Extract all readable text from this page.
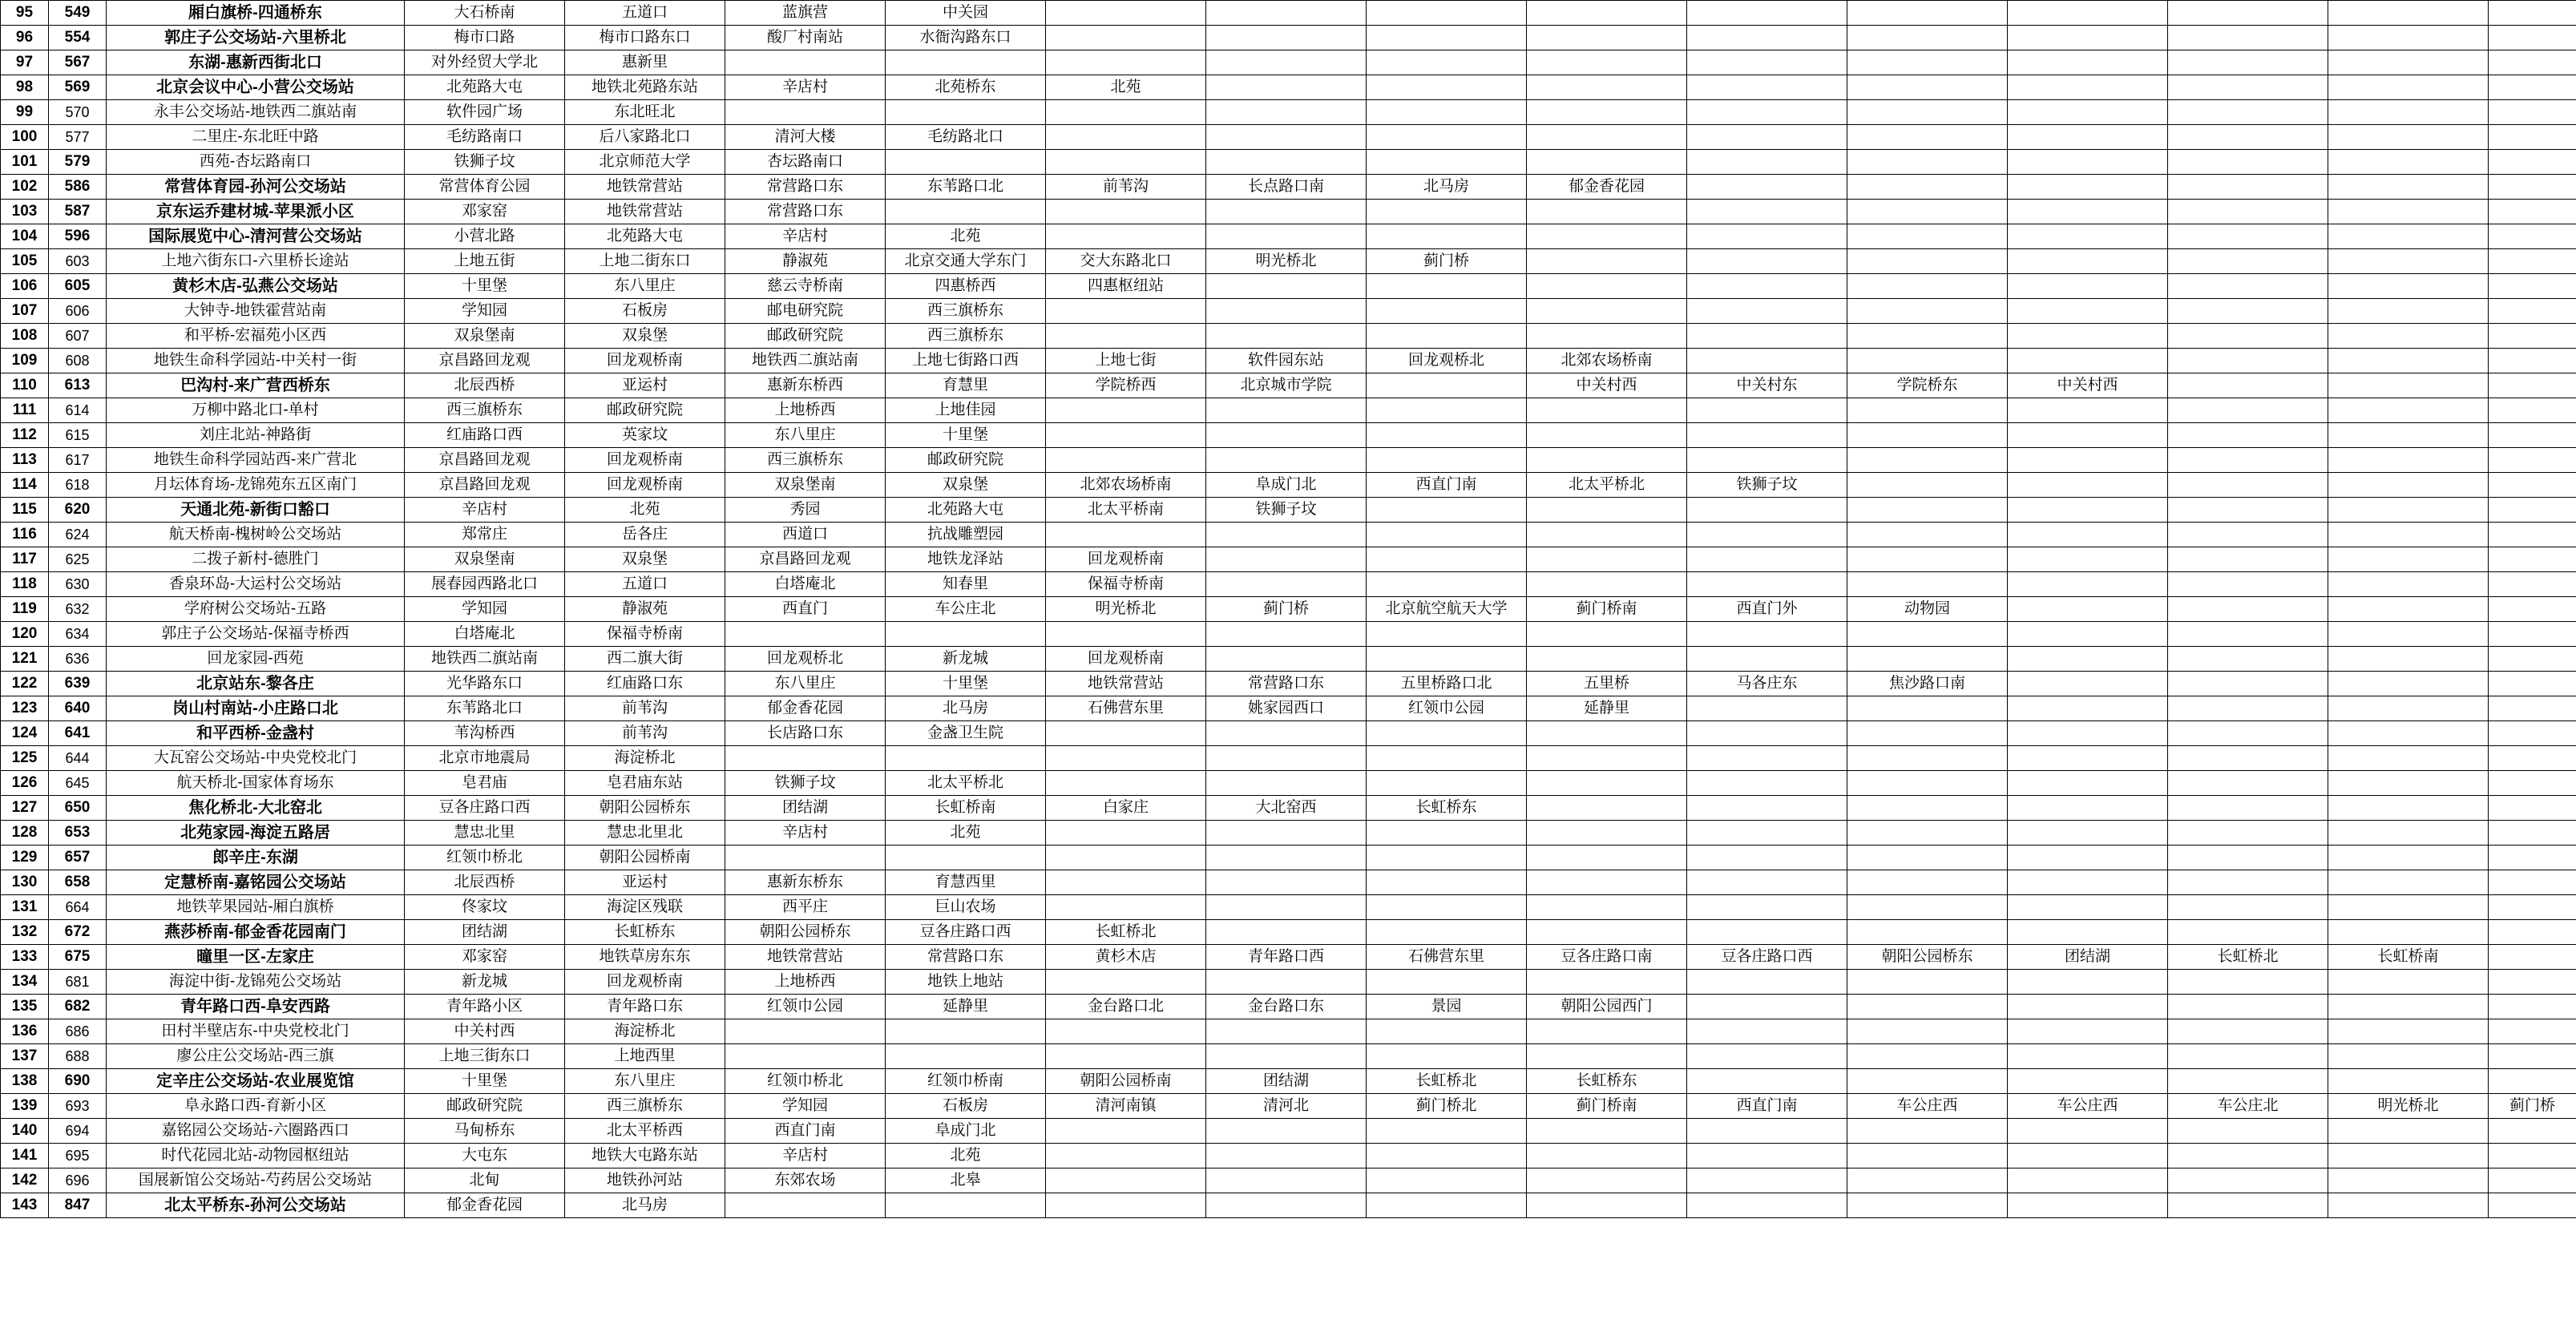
95	549	厢白旗桥-四通桥东	大石桥南	五道口	蓝旗营	中关园										
96	554	郭庄子公交场站-六里桥北	梅市口路	梅市口路东口	酸厂村南站	水衙沟路东口										
97	567	东湖-惠新西街北口	对外经贸大学北	惠新里												
98	569	北京会议中心-小营公交场站	北苑路大屯	地铁北苑路东站	辛店村	北苑桥东	北苑									
99	570	永丰公交场站-地铁西二旗站南	软件园广场	东北旺北												
100	577	二里庄-东北旺中路	毛纺路南口	后八家路北口	清河大楼	毛纺路北口										
101	579	西苑-杏坛路南口	铁狮子坟	北京师范大学	杏坛路南口											
102	586	常营体育园-孙河公交场站	常营体育公园	地铁常营站	常营路口东	东苇路口北	前苇沟	长点路口南	北马房	郁金香花园						
103	587	京东运乔建材城-苹果派小区	邓家窑	地铁常营站	常营路口东											
104	596	国际展览中心-清河营公交场站	小营北路	北苑路大屯	辛店村	北苑										
105	603	上地六街东口-六里桥长途站	上地五街	上地二街东口	静淑苑	北京交通大学东门	交大东路北口	明光桥北	蓟门桥							
106	605	黄杉木店-弘燕公交场站	十里堡	东八里庄	慈云寺桥南	四惠桥西	四惠枢纽站									
107	606	大钟寺-地铁霍营站南	学知园	石板房	邮电研究院	西三旗桥东										
108	607	和平桥-宏福苑小区西	双泉堡南	双泉堡	邮政研究院	西三旗桥东										
109	608	地铁生命科学园站-中关村一街	京昌路回龙观	回龙观桥南	地铁西二旗站南	上地七街路口西	上地七街	软件园东站	回龙观桥北	北郊农场桥南						
110	613	巴沟村-来广营西桥东	北辰西桥	亚运村	惠新东桥西	育慧里	学院桥西	北京城市学院		中关村西	中关村东	学院桥东	中关村西			
111	614	万柳中路北口-单村	西三旗桥东	邮政研究院	上地桥西	上地佳园										
112	615	刘庄北站-神路街	红庙路口西	英家坟	东八里庄	十里堡										
113	617	地铁生命科学园站西-来广营北	京昌路回龙观	回龙观桥南	西三旗桥东	邮政研究院										
114	618	月坛体育场-龙锦苑东五区南门	京昌路回龙观	回龙观桥南	双泉堡南	双泉堡	北郊农场桥南	阜成门北	西直门南	北太平桥北	铁狮子坟					
115	620	天通北苑-新街口豁口	辛店村	北苑	秀园	北苑路大屯	北太平桥南	铁狮子坟								
116	624	航天桥南-槐树岭公交场站	郑常庄	岳各庄	西道口	抗战雕塑园										
117	625	二拨子新村-德胜门	双泉堡南	双泉堡	京昌路回龙观	地铁龙泽站	回龙观桥南									
118	630	香泉环岛-大运村公交场站	展春园西路北口	五道口	白塔庵北	知春里	保福寺桥南									
119	632	学府树公交场站-五路	学知园	静淑苑	西直门	车公庄北	明光桥北	蓟门桥	北京航空航天大学	蓟门桥南	西直门外	动物园				
120	634	郭庄子公交场站-保福寺桥西	白塔庵北	保福寺桥南												
121	636	回龙家园-西苑	地铁西二旗站南	西二旗大街	回龙观桥北	新龙城	回龙观桥南									
122	639	北京站东-黎各庄	光华路东口	红庙路口东	东八里庄	十里堡	地铁常营站	常营路口东	五里桥路口北	五里桥	马各庄东	焦沙路口南				
123	640	岗山村南站-小庄路口北	东苇路北口	前苇沟	郁金香花园	北马房	石佛营东里	姚家园西口	红领巾公园	延静里						
124	641	和平西桥-金盏村	苇沟桥西	前苇沟	长店路口东	金盏卫生院										
125	644	大瓦窑公交场站-中央党校北门	北京市地震局	海淀桥北												
126	645	航天桥北-国家体育场东	皂君庙	皂君庙东站	铁狮子坟	北太平桥北										
127	650	焦化桥北-大北窑北	豆各庄路口西	朝阳公园桥东	团结湖	长虹桥南	白家庄	大北窑西	长虹桥东							
128	653	北苑家园-海淀五路居	慧忠北里	慧忠北里北	辛店村	北苑										
129	657	郎辛庄-东湖	红领巾桥北	朝阳公园桥南												
130	658	定慧桥南-嘉铭园公交场站	北辰西桥	亚运村	惠新东桥东	育慧西里										
131	664	地铁苹果园站-厢白旗桥	佟家坟	海淀区残联	西平庄	巨山农场										
132	672	燕莎桥南-郁金香花园南门	团结湖	长虹桥东	朝阳公园桥东	豆各庄路口西	长虹桥北									
133	675	曈里一区-左家庄	邓家窑	地铁草房东东	地铁常营站	常营路口东	黄杉木店	青年路口西	石佛营东里	豆各庄路口南	豆各庄路口西	朝阳公园桥东	团结湖	长虹桥北	长虹桥南	
134	681	海淀中街-龙锦苑公交场站	新龙城	回龙观桥南	上地桥西	地铁上地站										
135	682	青年路口西-阜安西路	青年路小区	青年路口东	红领巾公园	延静里	金台路口北	金台路口东	景园	朝阳公园西门						
136	686	田村半壁店东-中央党校北门	中关村西	海淀桥北												
137	688	廖公庄公交场站-西三旗	上地三街东口	上地西里												
138	690	定辛庄公交场站-农业展览馆	十里堡	东八里庄	红领巾桥北	红领巾桥南	朝阳公园桥南	团结湖	长虹桥北	长虹桥东						
139	693	阜永路口西-育新小区	邮政研究院	西三旗桥东	学知园	石板房	清河南镇	清河北	蓟门桥北	蓟门桥南	西直门南	车公庄西	车公庄西	车公庄北	明光桥北	蓟门桥
140	694	嘉铭园公交场站-六圈路西口	马甸桥东	北太平桥西	西直门南	阜成门北										
141	695	时代花园北站-动物园枢纽站	大屯东	地铁大屯路东站	辛店村	北苑										
142	696	国展新馆公交场站-芍药居公交场站	北甸	地铁孙河站	东郊农场	北皋										
143	847	北太平桥东-孙河公交场站	郁金香花园	北马房												
